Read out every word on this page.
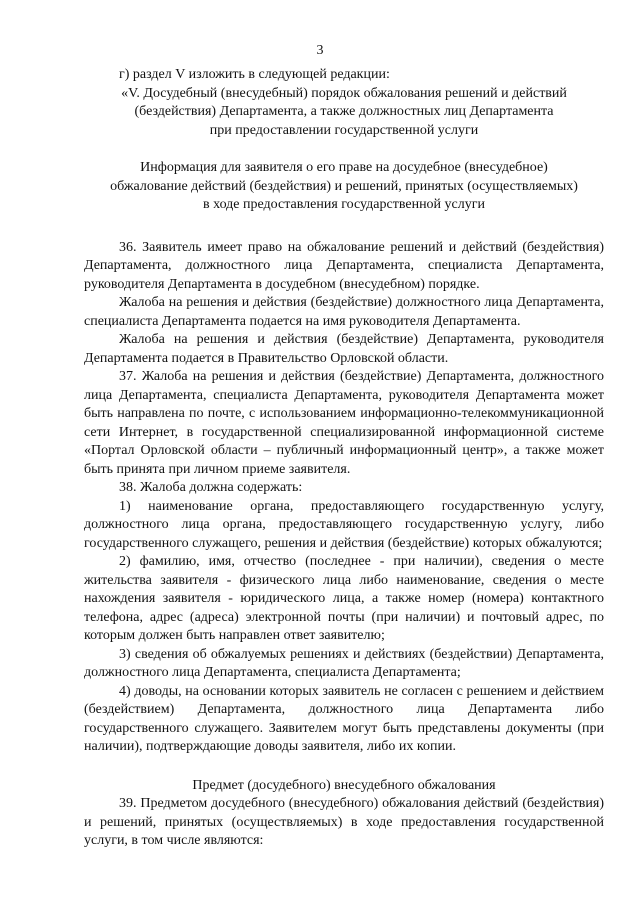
3

г) раздел V изложить в следующей редакции:

«V. Досудебный (внесудебный) порядок обжалования решений и действий
(бездействия) Департамента, а также должностных лиц Департамента
при предоставлении государственной услуги
Информация для заявителя о его праве на досудебное (внесудебное)
обжалование действий (бездействия) и решений, принятых (осуществляемых)
в ходе предоставления государственной услуги

36. Заявитель имеет право на обжалование решений и действий (бездействия) Департамента, должностного лица Департамента, специалиста Департамента, руководителя Департамента в досудебном (внесудебном) порядке.

Жалоба на решения и действия (бездействие) должностного лица Департамента, специалиста Департамента подается на имя руководителя Департамента.

Жалоба на решения и действия (бездействие) Департамента, руководителя Департамента подается в Правительство Орловской области.

37. Жалоба на решения и действия (бездействие) Департамента, должностного лица Департамента, специалиста Департамента, руководителя Департамента может быть направлена по почте, с использованием информационно-телекоммуникационной сети Интернет, в государственной специализированной информационной системе «Портал Орловской области – публичный информационный центр», а также может быть принята при личном приеме заявителя.

38. Жалоба должна содержать:

1) наименование органа, предоставляющего государственную услугу, должностного лица органа, предоставляющего государственную услугу, либо государственного служащего, решения и действия (бездействие) которых обжалуются;

2) фамилию, имя, отчество (последнее - при наличии), сведения о месте жительства заявителя - физического лица либо наименование, сведения о месте нахождения заявителя - юридического лица, а также номер (номера) контактного телефона, адрес (адреса) электронной почты (при наличии) и почтовый адрес, по которым должен быть направлен ответ заявителю;

3) сведения об обжалуемых решениях и действиях (бездействии) Департамента, должностного лица Департамента, специалиста Департамента;

4) доводы, на основании которых заявитель не согласен с решением и действием (бездействием) Департамента, должностного лица Департамента либо государственного служащего. Заявителем могут быть представлены документы (при наличии), подтверждающие доводы заявителя, либо их копии.

Предмет (досудебного) внесудебного обжалования

39. Предметом досудебного (внесудебного) обжалования действий (бездействия) и решений, принятых (осуществляемых) в ходе предоставления государственной услуги, в том числе являются:
